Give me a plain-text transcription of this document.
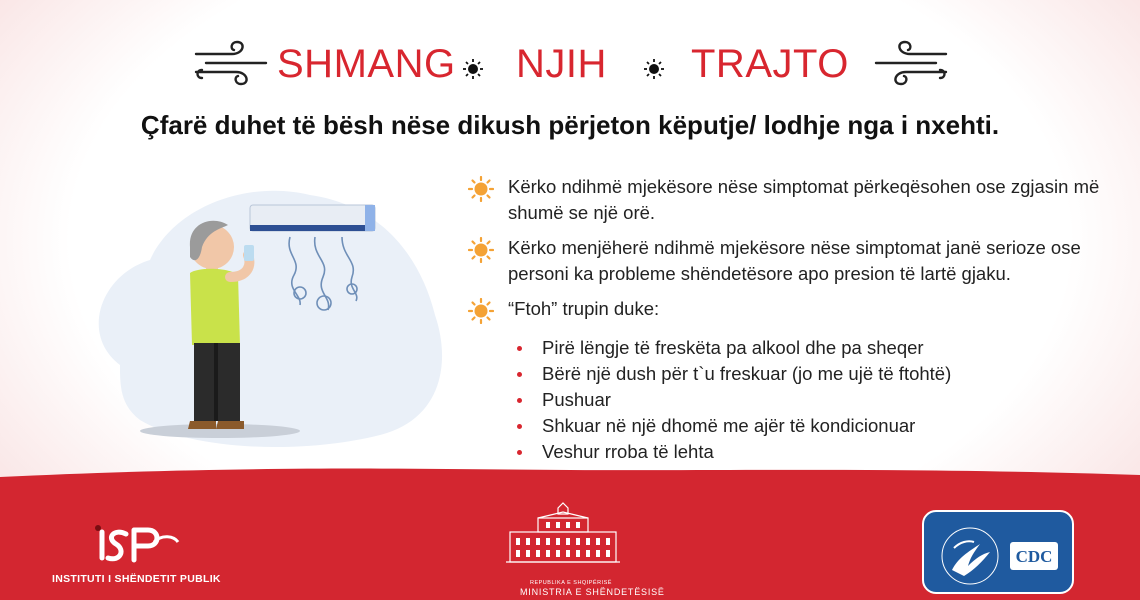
SHMANG NJIH TRAJTO
Çfarë duhet të bësh nëse dikush përjeton këputje/ lodhje nga i nxehti.
Kërko ndihmë mjekësore nëse simptomat përkeqësohen ose zgjasin më shumë se një orë.
Kërko menjëherë ndihmë mjekësore nëse simptomat janë serioze ose personi ka probleme shëndetësore apo presion të lartë gjaku.
“Ftoh” trupin duke:
Pirë lëngje të freskëta pa alkool dhe pa sheqer
Bërë një dush për t`u freskuar (jo me ujë të ftohtë)
Pushuar
Shkuar në një dhomë me ajër të kondicionuar
Veshur rroba të lehta
INSTITUTI I SHËNDETIT PUBLIK	REPUBLIKA E SHQIPËRISË
MINISTRIA E SHËNDETËSISË
CDC
